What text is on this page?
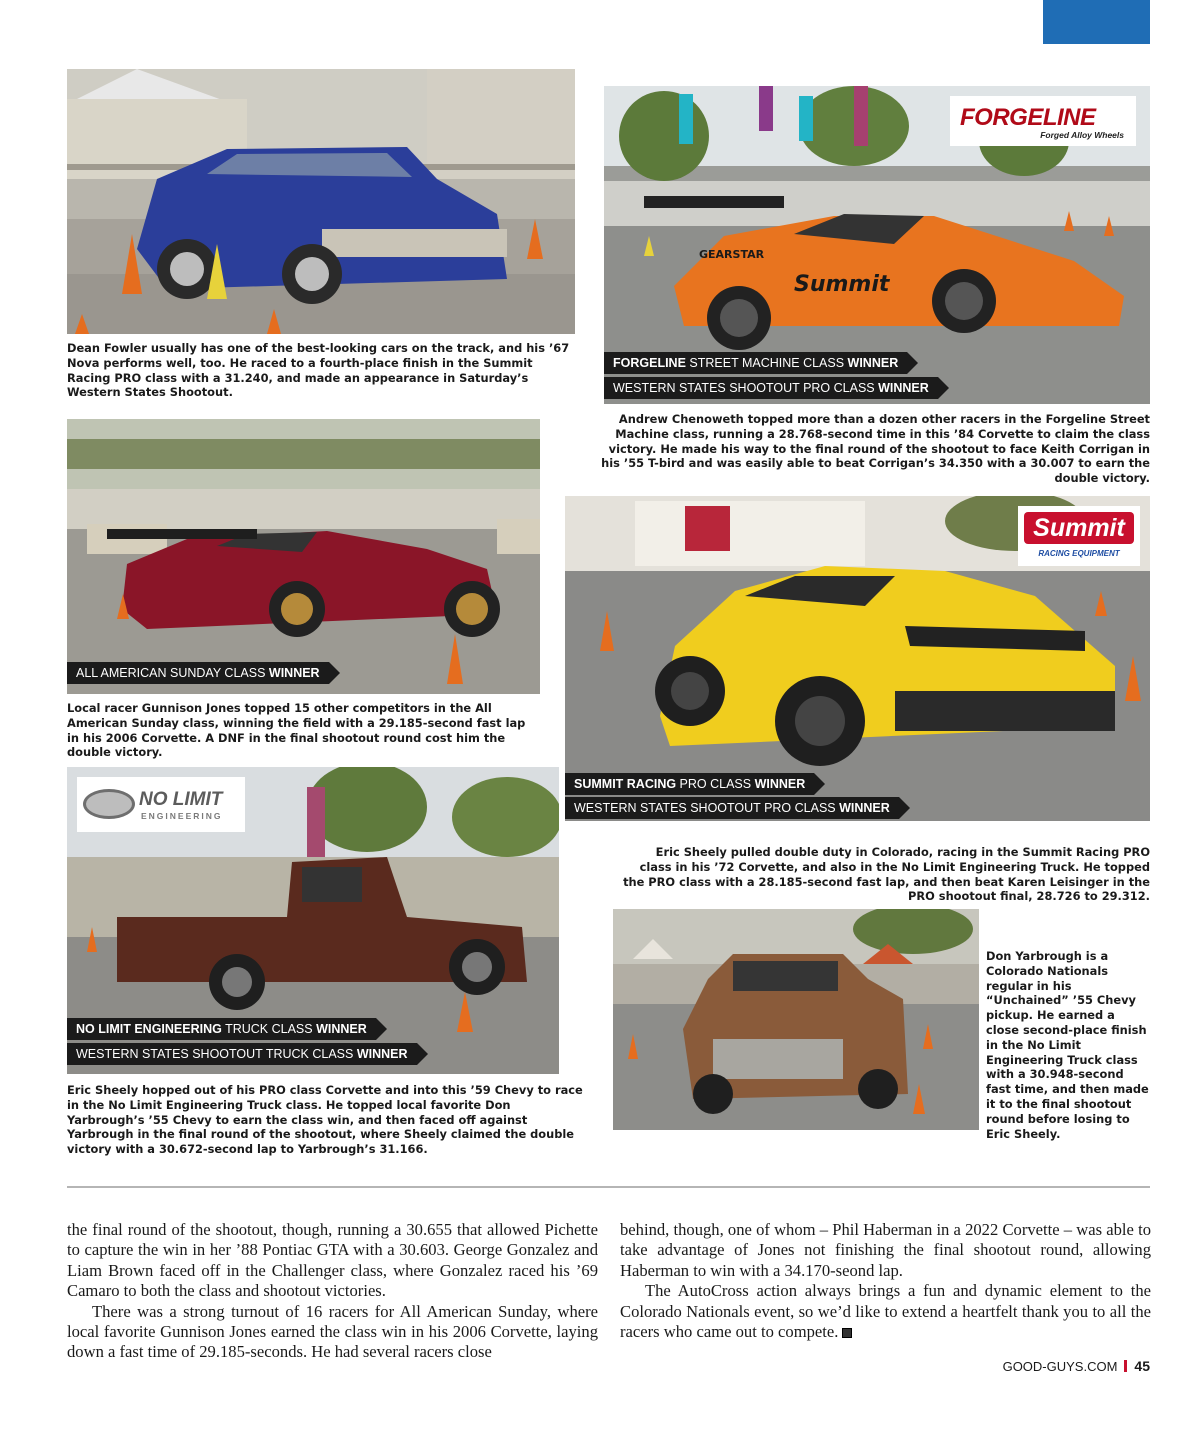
Dean Fowler usually has one of the best-looking cars on the track, and his ’67 Nova performs well, too. He raced to a fourth-place finish in the Summit Racing PRO class with a 31.240, and made an appearance in Saturday’s Western States Shootout.
Summit
GEARSTAR
FORGELINE
Forged Alloy Wheels
FORGELINE STREET MACHINE CLASS WINNER
WESTERN STATES SHOOTOUT PRO CLASS WINNER
Andrew Chenoweth topped more than a dozen other racers in the Forgeline Street Machine class, running a 28.768-second time in this ’84 Corvette to claim the class victory. He made his way to the final round of the shootout to face Keith Corrigan in his ’55 T-bird and was easily able to beat Corrigan’s 34.350 with a 30.007 to earn the double victory.
ALL AMERICAN SUNDAY CLASS WINNER
Local racer Gunnison Jones topped 15 other competitors in the All American Sunday class, winning the field with a 29.185-second fast lap in his 2006 Corvette. A DNF in the final shootout round cost him the double victory.
Summit
RACING EQUIPMENT
SUMMIT RACING PRO CLASS WINNER
WESTERN STATES SHOOTOUT PRO CLASS WINNER
Eric Sheely pulled double duty in Colorado, racing in the Summit Racing PRO class in his ’72 Corvette, and also in the No Limit Engineering Truck. He topped the PRO class with a 28.185-second fast lap, and then beat Karen Leisinger in the PRO shootout final, 28.726 to 29.312.
NO LIMIT
ENGINEERING
NO LIMIT ENGINEERING TRUCK CLASS WINNER
WESTERN STATES SHOOTOUT TRUCK CLASS WINNER
Eric Sheely hopped out of his PRO class Corvette and into this ’59 Chevy to race in the No Limit Engineering Truck class. He topped local favorite Don Yarbrough’s ’55 Chevy to earn the class win, and then faced off against Yarbrough in the final round of the shootout, where Sheely claimed the double victory with a 30.672-second lap to Yarbrough’s 31.166.
Don Yarbrough is a Colorado Nationals regular in his “Unchained” ’55 Chevy pickup. He earned a close second-place finish in the No Limit Engineering Truck class with a 30.948-second fast time, and then made it to the final shootout round before losing to Eric Sheely.

the final round of the shootout, though, running a 30.655 that allowed Pichette to capture the win in her ’88 Pontiac GTA with a 30.603. George Gonzalez and Liam Brown faced off in the Challenger class, where Gonzalez raced his ’69 Camaro to both the class and shootout victories.

There was a strong turnout of 16 racers for All American Sunday, where local favorite Gunnison Jones earned the class win in his 2006 Corvette, laying down a fast time of 29.185-seconds. He had several racers close

behind, though, one of whom – Phil Haberman in a 2022 Corvette – was able to take advantage of Jones not finishing the final shootout round, allowing Haberman to win with a 34.170-seond lap.

The AutoCross action always brings a fun and dynamic element to the Colorado Nationals event, so we’d like to extend a heartfelt thank you to all the racers who came out to compete.

GOOD-GUYS.COM 45
